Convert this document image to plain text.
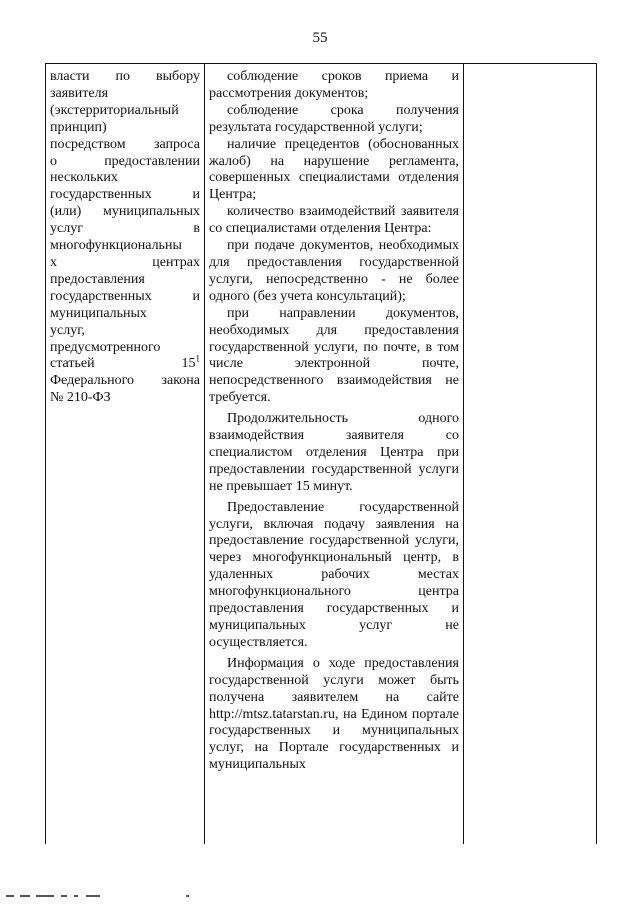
55
власти по выбору
заявителя
(экстерриториальный
принцип)
посредством запроса
о предоставлении
нескольких
государственных и
(или) муниципальных
услуг в
многофункциональны
х центрах
предоставления
государственных и
муниципальных
услуг,
предусмотренного
статьей $15^1$
Федерального закона
№ 210-ФЗ

соблюдение сроков приема и рассмотрения документов;

соблюдение срока получения результата государственной услуги;

наличие прецедентов (обоснованных жалоб) на нарушение регламента, совершенных специалистами отделения Центра;

количество взаимодействий заявителя со специалистами отделения Центра:

при подаче документов, необходимых для предоставления государственной услуги, непосредственно - не более одного (без учета консультаций);

при направлении документов, необходимых для предоставления государственной услуги, по почте, в том числе электронной почте, непосредственного взаимодействия не требуется.

Продолжительность одного взаимодействия заявителя со специалистом отделения Центра при предоставлении государственной услуги не превышает 15 минут.

Предоставление государственной услуги, включая подачу заявления на предоставление государственной услуги, через многофункциональный центр, в удаленных рабочих местах многофункционального центра предоставления государственных и муниципальных услуг не осуществляется.

Информация о ходе предоставления государственной услуги может быть получена заявителем на сайте http://mtsz.tatarstan.ru, на Едином портале государственных и муниципальных услуг, на Портале государственных и муниципальных
